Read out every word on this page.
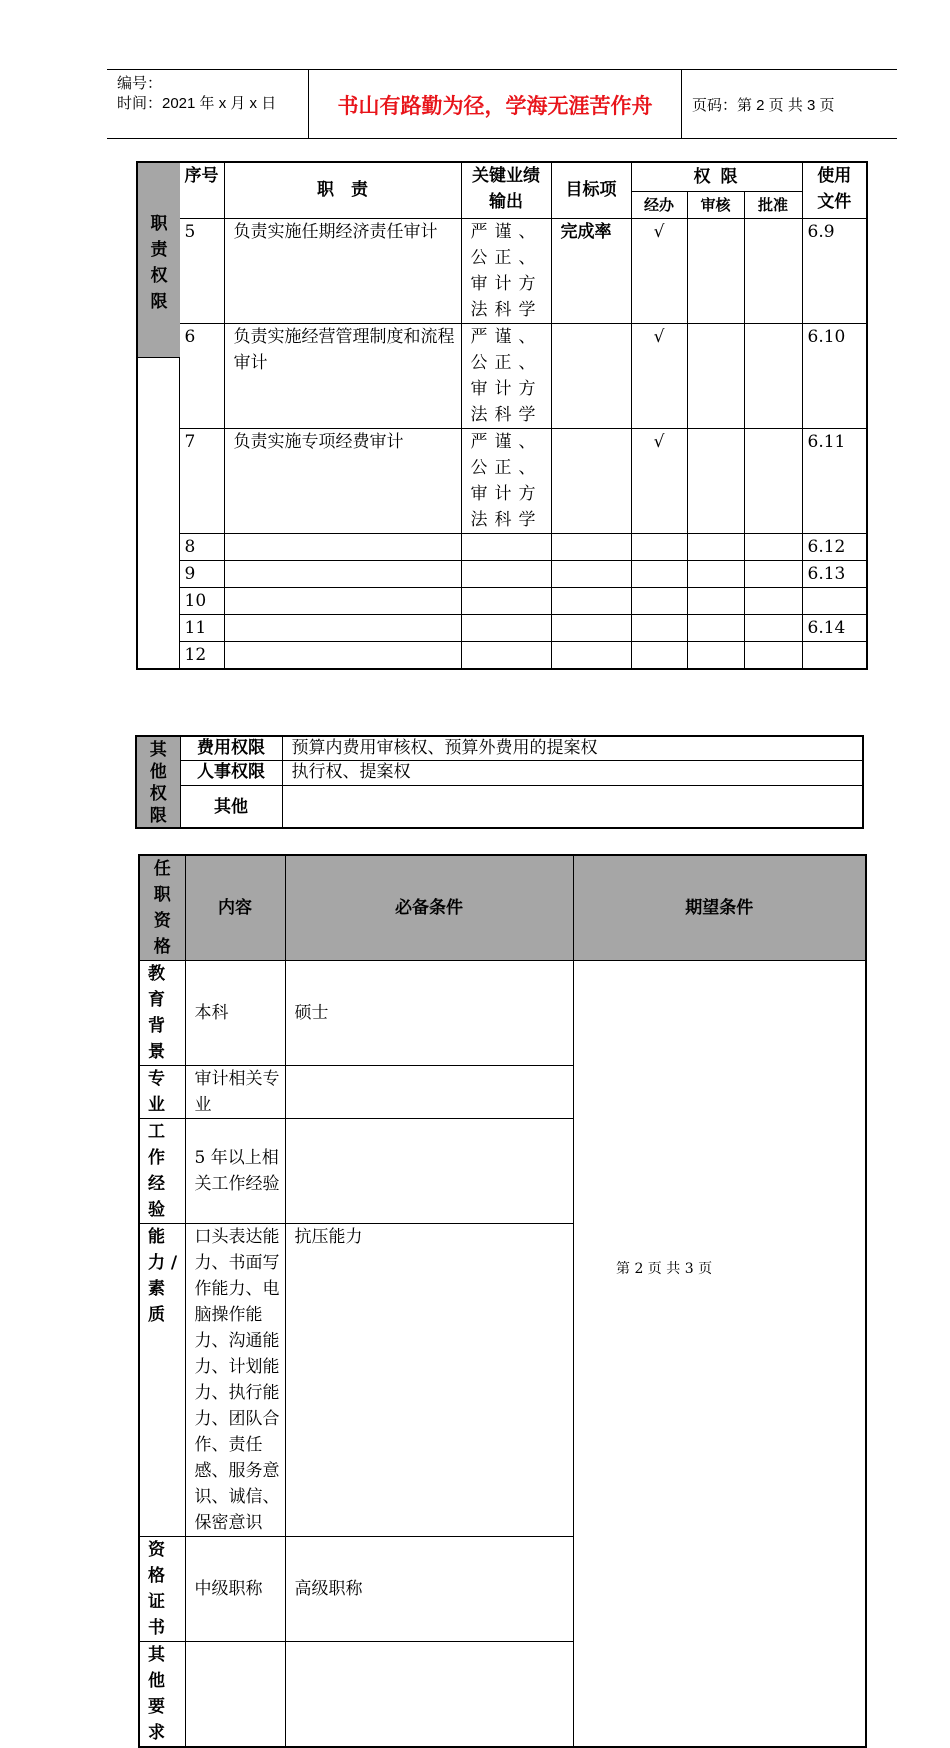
编号：
时间：2021 年 x 月 x 日	书山有路勤为径，学海无涯苦作舟	页码：第 2 页 共 3 页
	序号	职　责	关键业绩输出	目标项	权 限			使用文件
					经办	审核	批准	
	5	负责实施任期经济责任审计	严谨、公正、审计方法科学	完成率	√			6.9
	6	负责实施经营管理制度和流程审计	严谨、公正、审计方法科学		√			6.10
	7	负责实施专项经费审计	严谨、公正、审计方法科学		√			6.11
	8							6.12
	9							6.13
	10							
	11							6.14
	12							
职责权限
其他权限	费用权限	预算内费用审核权、预算外费用的提案权
	人事权限	执行权、提案权
	其他	
任职资格	内容	必备条件	期望条件
教育背景	本科	硕士	
专业	审计相关专业		
工作经验	5 年以上相关工作经验		
能 力 / 素质	口头表达能力、书面写作能力、电脑操作能力、沟通能力、计划能力、执行能力、团队合作、责任感、服务意识、诚信、保密意识	抗压能力	
资格证书	中级职称	高级职称	
其他要求			
第 2 页 共 3 页
